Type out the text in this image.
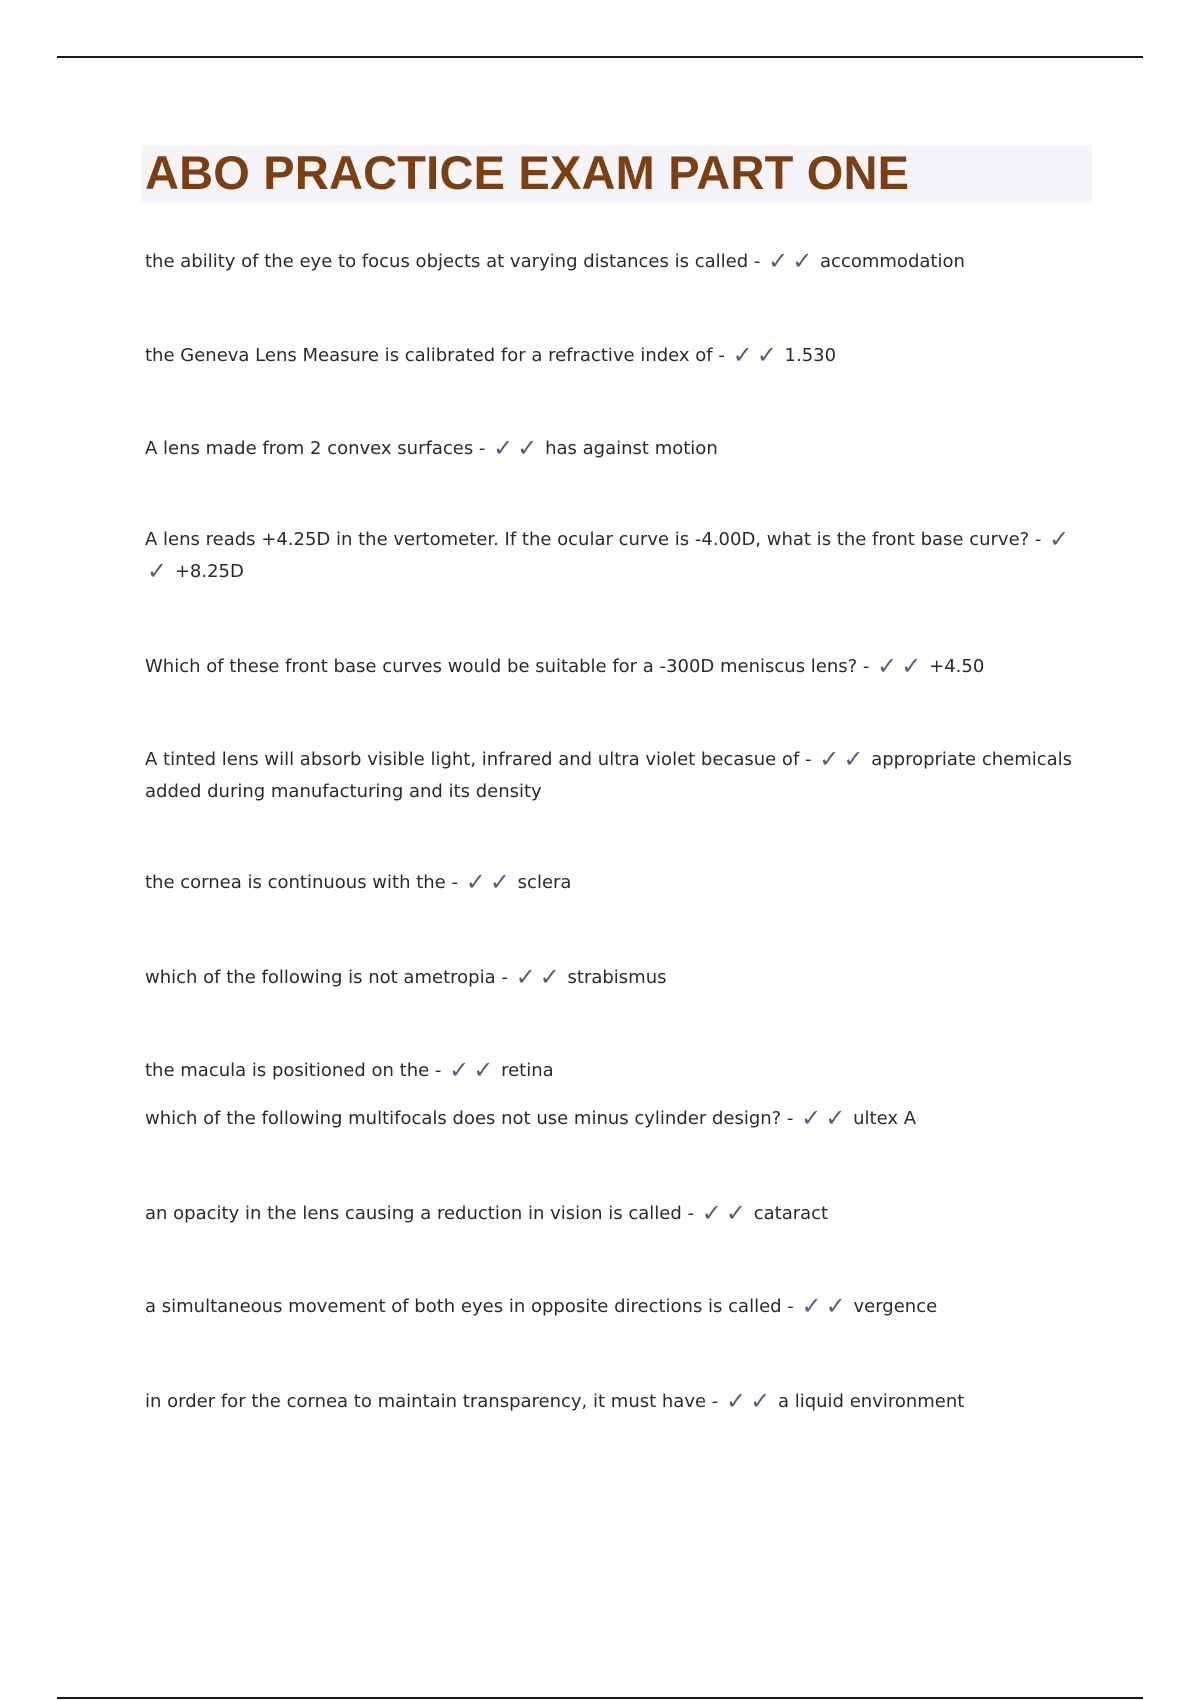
ABO PRACTICE EXAM PART ONE

the ability of the eye to focus objects at varying distances is called - ✓ ✓ accommodation

the Geneva Lens Measure is calibrated for a refractive index of - ✓ ✓ 1.530

A lens made from 2 convex surfaces - ✓ ✓ has against motion

A lens reads +4.25D in the vertometer. If the ocular curve is -4.00D, what is the front base curve? - ✓✓ +8.25D

Which of these front base curves would be suitable for a -300D meniscus lens? - ✓ ✓ +4.50

A tinted lens will absorb visible light, infrared and ultra violet becasue of - ✓ ✓ appropriate chemicals added during manufacturing and its density

the cornea is continuous with the - ✓ ✓ sclera

which of the following is not ametropia - ✓ ✓ strabismus

the macula is positioned on the - ✓ ✓ retina

which of the following multifocals does not use minus cylinder design? - ✓ ✓ ultex A

an opacity in the lens causing a reduction in vision is called - ✓ ✓ cataract

a simultaneous movement of both eyes in opposite directions is called - ✓ ✓ vergence

in order for the cornea to maintain transparency, it must have - ✓ ✓ a liquid environment
